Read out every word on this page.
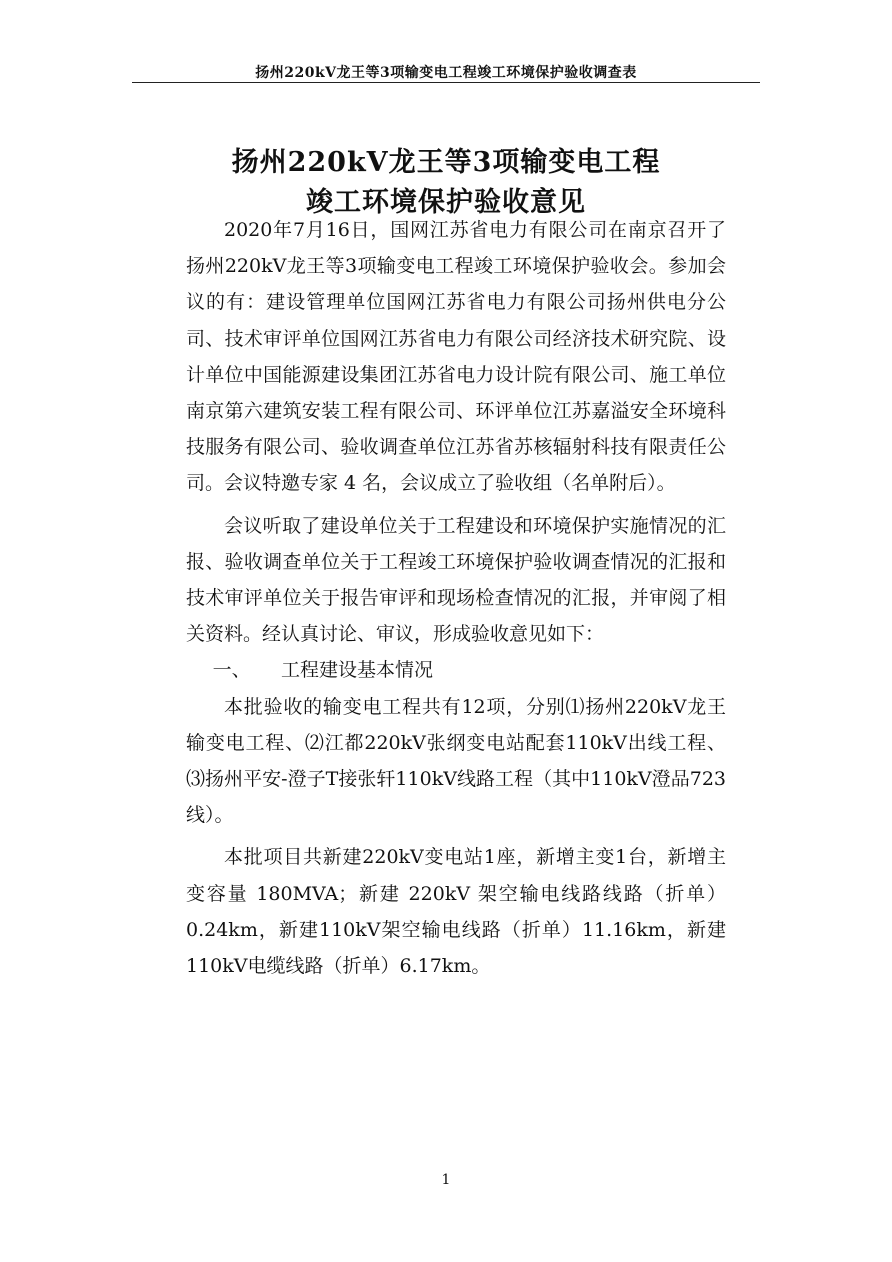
扬州220kV龙王等3项输变电工程竣工环境保护验收调查表
扬州220kV龙王等3项输变电工程
竣工环境保护验收意见

2020年7月16日，国网江苏省电力有限公司在南京召开了扬州220kV龙王等3项输变电工程竣工环境保护验收会。参加会议的有：建设管理单位国网江苏省电力有限公司扬州供电分公司、技术审评单位国网江苏省电力有限公司经济技术研究院、设计单位中国能源建设集团江苏省电力设计院有限公司、施工单位南京第六建筑安装工程有限公司、环评单位江苏嘉溢安全环境科技服务有限公司、验收调查单位江苏省苏核辐射科技有限责任公司。会议特邀专家 4 名，会议成立了验收组（名单附后）。

会议听取了建设单位关于工程建设和环境保护实施情况的汇报、验收调查单位关于工程竣工环境保护验收调查情况的汇报和技术审评单位关于报告审评和现场检查情况的汇报，并审阅了相关资料。经认真讨论、审议，形成验收意见如下：

一、 工程建设基本情况

本批验收的输变电工程共有12项，分别⑴扬州220kV龙王输变电工程、⑵江都220kV张纲变电站配套110kV出线工程、⑶扬州平安-澄子T接张轩110kV线路工程（其中110kV澄品723线）。

本批项目共新建220kV变电站1座，新增主变1台，新增主变容量 180MVA；新建 220kV 架空输电线路线路（折单）0.24km，新建110kV架空输电线路（折单）11.16km，新建110kV电缆线路（折单）6.17km。

1
